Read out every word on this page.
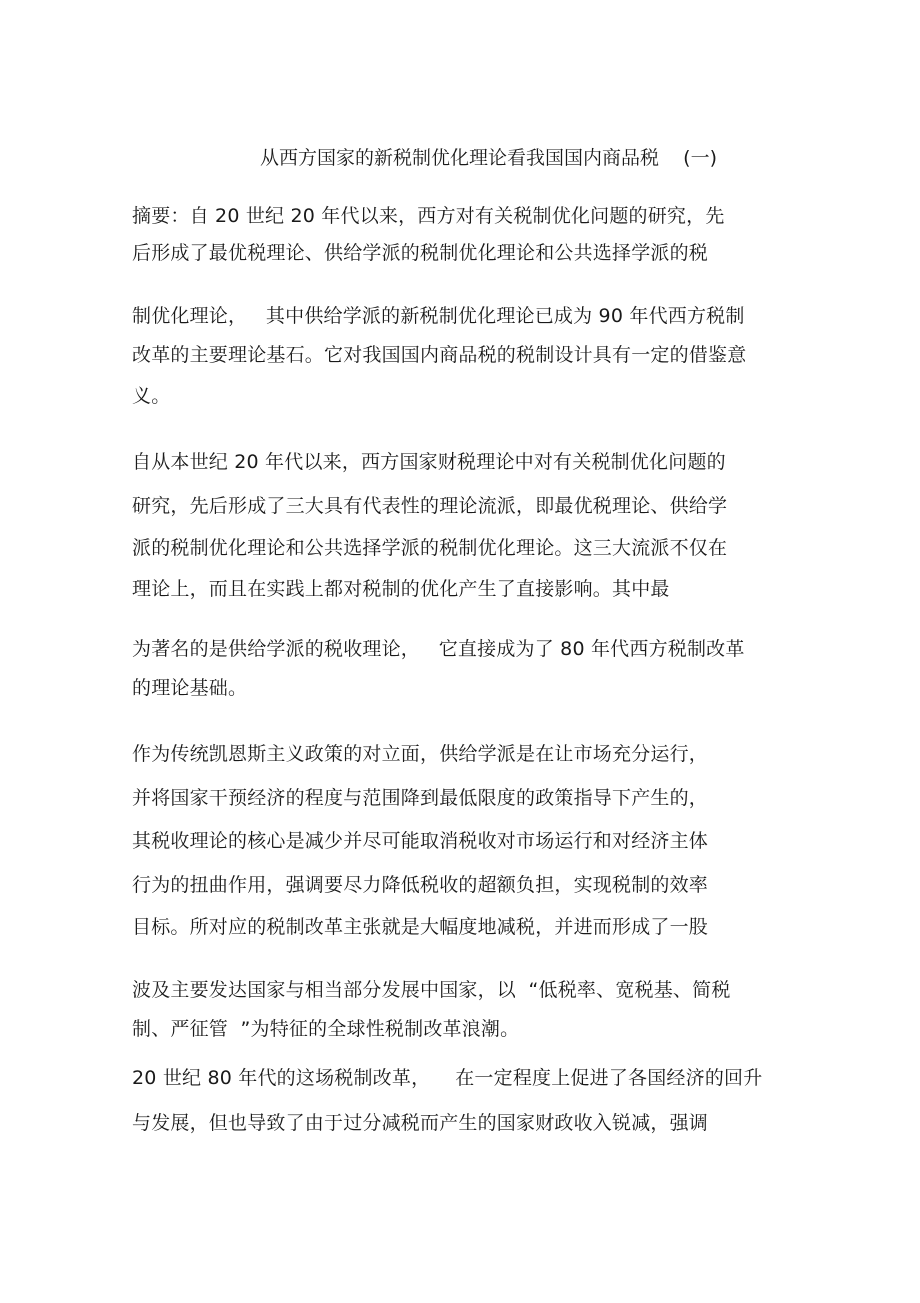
从西方国家的新税制优化理论看我国国内商品税    (一)
摘要：自 20 世纪 20 年代以来，西方对有关税制优化问题的研究，先
后形成了最优税理论、供给学派的税制优化理论和公共选择学派的税
制优化理论，   其中供给学派的新税制优化理论已成为 90 年代西方税制
改革的主要理论基石。它对我国国内商品税的税制设计具有一定的借鉴意
义。
自从本世纪 20 年代以来，西方国家财税理论中对有关税制优化问题的
研究，先后形成了三大具有代表性的理论流派，即最优税理论、供给学
派的税制优化理论和公共选择学派的税制优化理论。这三大流派不仅在
理论上，而且在实践上都对税制的优化产生了直接影响。其中最
为著名的是供给学派的税收理论，   它直接成为了 80 年代西方税制改革
的理论基础。
作为传统凯恩斯主义政策的对立面，供给学派是在让市场充分运行，
并将国家干预经济的程度与范围降到最低限度的政策指导下产生的，
其税收理论的核心是减少并尽可能取消税收对市场运行和对经济主体
行为的扭曲作用，强调要尽力降低税收的超额负担，实现税制的效率
目标。所对应的税制改革主张就是大幅度地减税，并进而形成了一股
波及主要发达国家与相当部分发展中国家，以  “低税率、宽税基、简税
制、严征管  ”为特征的全球性税制改革浪潮。
20 世纪 80 年代的这场税制改革，    在一定程度上促进了各国经济的回升
与发展，但也导致了由于过分减税而产生的国家财政收入锐减，强调
